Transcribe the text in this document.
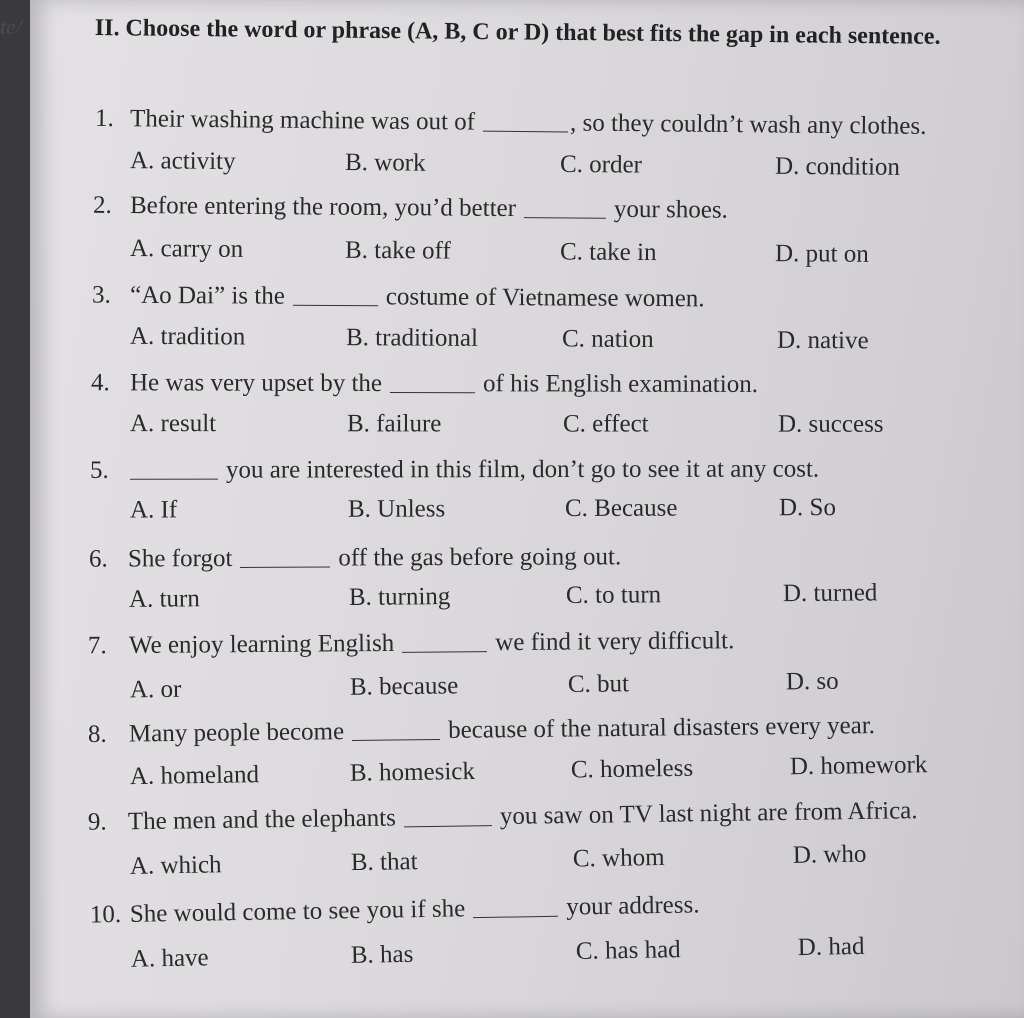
te/	II. Choose the word or phrase (A, B, C or D) that best fits the gap in each sentence.
1. Their washing machine was out of	, so they couldn’t wash any clothes.
A. activity	B. work	C. order	D. condition
2. Before entering the room, you’d better	your shoes.
A. carry on	B. take off	C. take in	D. put on
3. “Ao Dai” is the	costume of Vietnamese women.
A. tradition	B. traditional	C. nation	D. native
4. He was very upset by the	of his English examination.
A. result	B. failure	C. effect	D. success
5.	you are interested in this film, don’t go to see it at any cost.
A. If	B. Unless	C. Because	D. So
6. She forgot	off the gas before going out.
A. turn	B. turning	C. to turn	D. turned
7. We enjoy learning English	we find it very difficult.
A. or	B. because	C. but	D. so
8. Many people become	because of the natural disasters every year.
A. homeland	B. homesick	C. homeless	D. homework
9. The men and the elephants	you saw on TV last night are from Africa.
A. which	B. that	C. whom	D. who
10. She would come to see you if she	your address.
A. have	B. has	C. has had	D. had
